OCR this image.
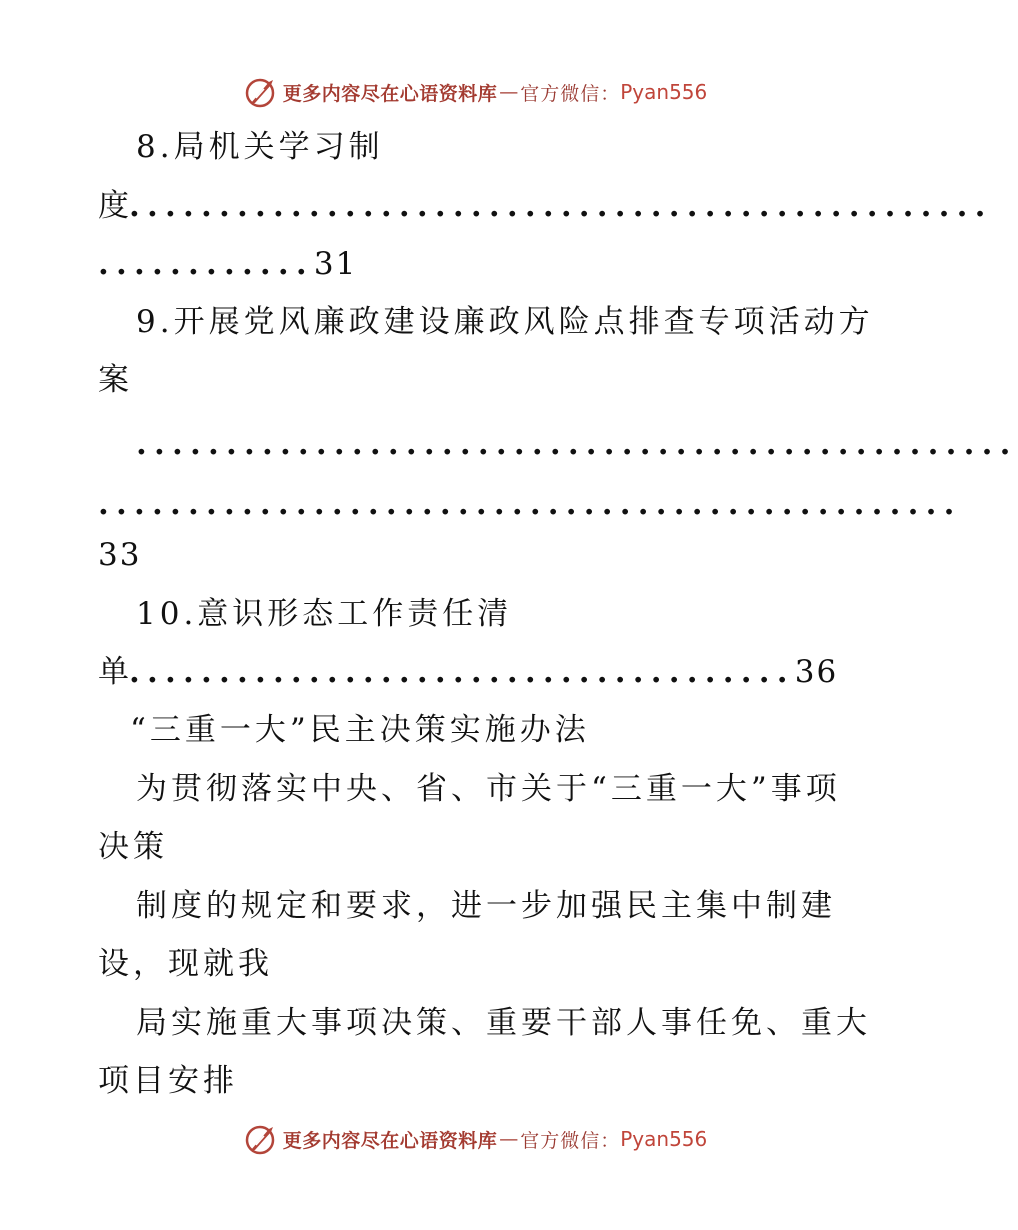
更多内容尽在心语资料库 — 官方微信： Pyan556
8.局机关学习制
度................................................
............31
9.开展党风廉政建设廉政风险点排查专项活动方
案
.................................................
................................................
33
10.意识形态工作责任清
单.....................................36
“三重一大”民主决策实施办法
为贯彻落实中央、省、市关于“三重一大”事项
决策
制度的规定和要求，进一步加强民主集中制建
设，现就我
局实施重大事项决策、重要干部人事任免、重大
项目安排
更多内容尽在心语资料库 — 官方微信： Pyan556
